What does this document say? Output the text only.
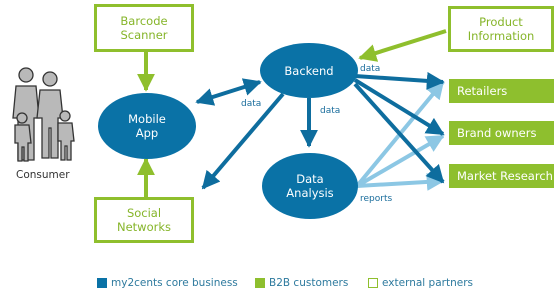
Barcode
Scanner
Product
Information
Social
Networks
Backend
Mobile
App
Data
Analysis
Retailers
Brand owners
Market Research
data
data
data
reports
Consumer
my2cents core business	B2B customers	external partners
